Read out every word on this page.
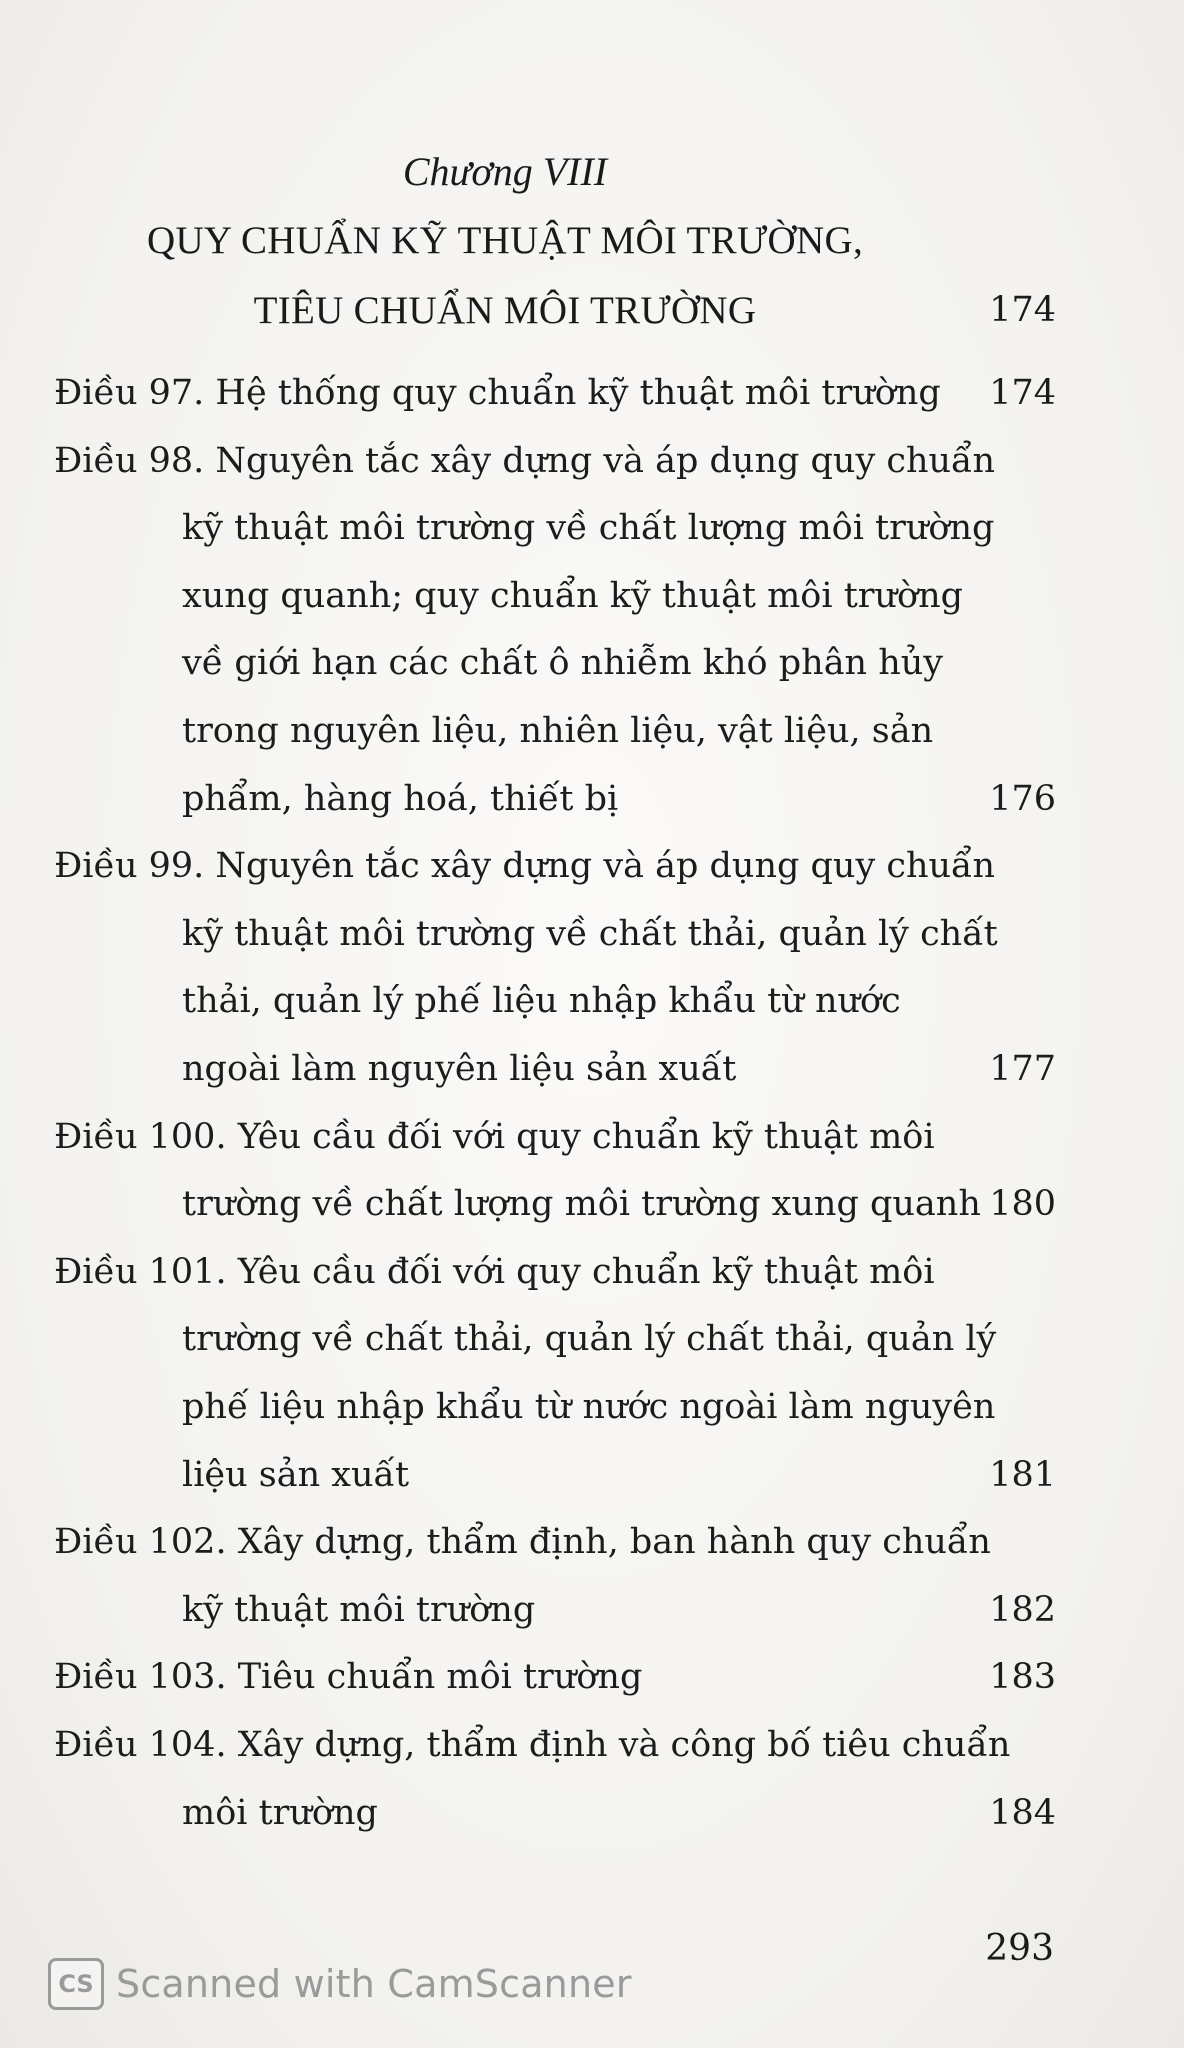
Chương VIII
QUY CHUẨN KỸ THUẬT MÔI TRƯỜNG,
TIÊU CHUẨN MÔI TRƯỜNG	174
Điều 97. Hệ thống quy chuẩn kỹ thuật môi trường 174
Điều 98. Nguyên tắc xây dựng và áp dụng quy chuẩn
kỹ thuật môi trường về chất lượng môi trường
xung quanh; quy chuẩn kỹ thuật môi trường
về giới hạn các chất ô nhiễm khó phân hủy
trong nguyên liệu, nhiên liệu, vật liệu, sản
phẩm, hàng hoá, thiết bị	176
Điều 99. Nguyên tắc xây dựng và áp dụng quy chuẩn
kỹ thuật môi trường về chất thải, quản lý chất
thải, quản lý phế liệu nhập khẩu từ nước
ngoài làm nguyên liệu sản xuất	177
Điều 100. Yêu cầu đối với quy chuẩn kỹ thuật môi
trường về chất lượng môi trường xung quanh 180
Điều 101. Yêu cầu đối với quy chuẩn kỹ thuật môi
trường về chất thải, quản lý chất thải, quản lý
phế liệu nhập khẩu từ nước ngoài làm nguyên
liệu sản xuất	181
Điều 102. Xây dựng, thẩm định, ban hành quy chuẩn
kỹ thuật môi trường	182
Điều 103. Tiêu chuẩn môi trường	183
Điều 104. Xây dựng, thẩm định và công bố tiêu chuẩn
môi trường	184
293
CS Scanned with CamScanner
